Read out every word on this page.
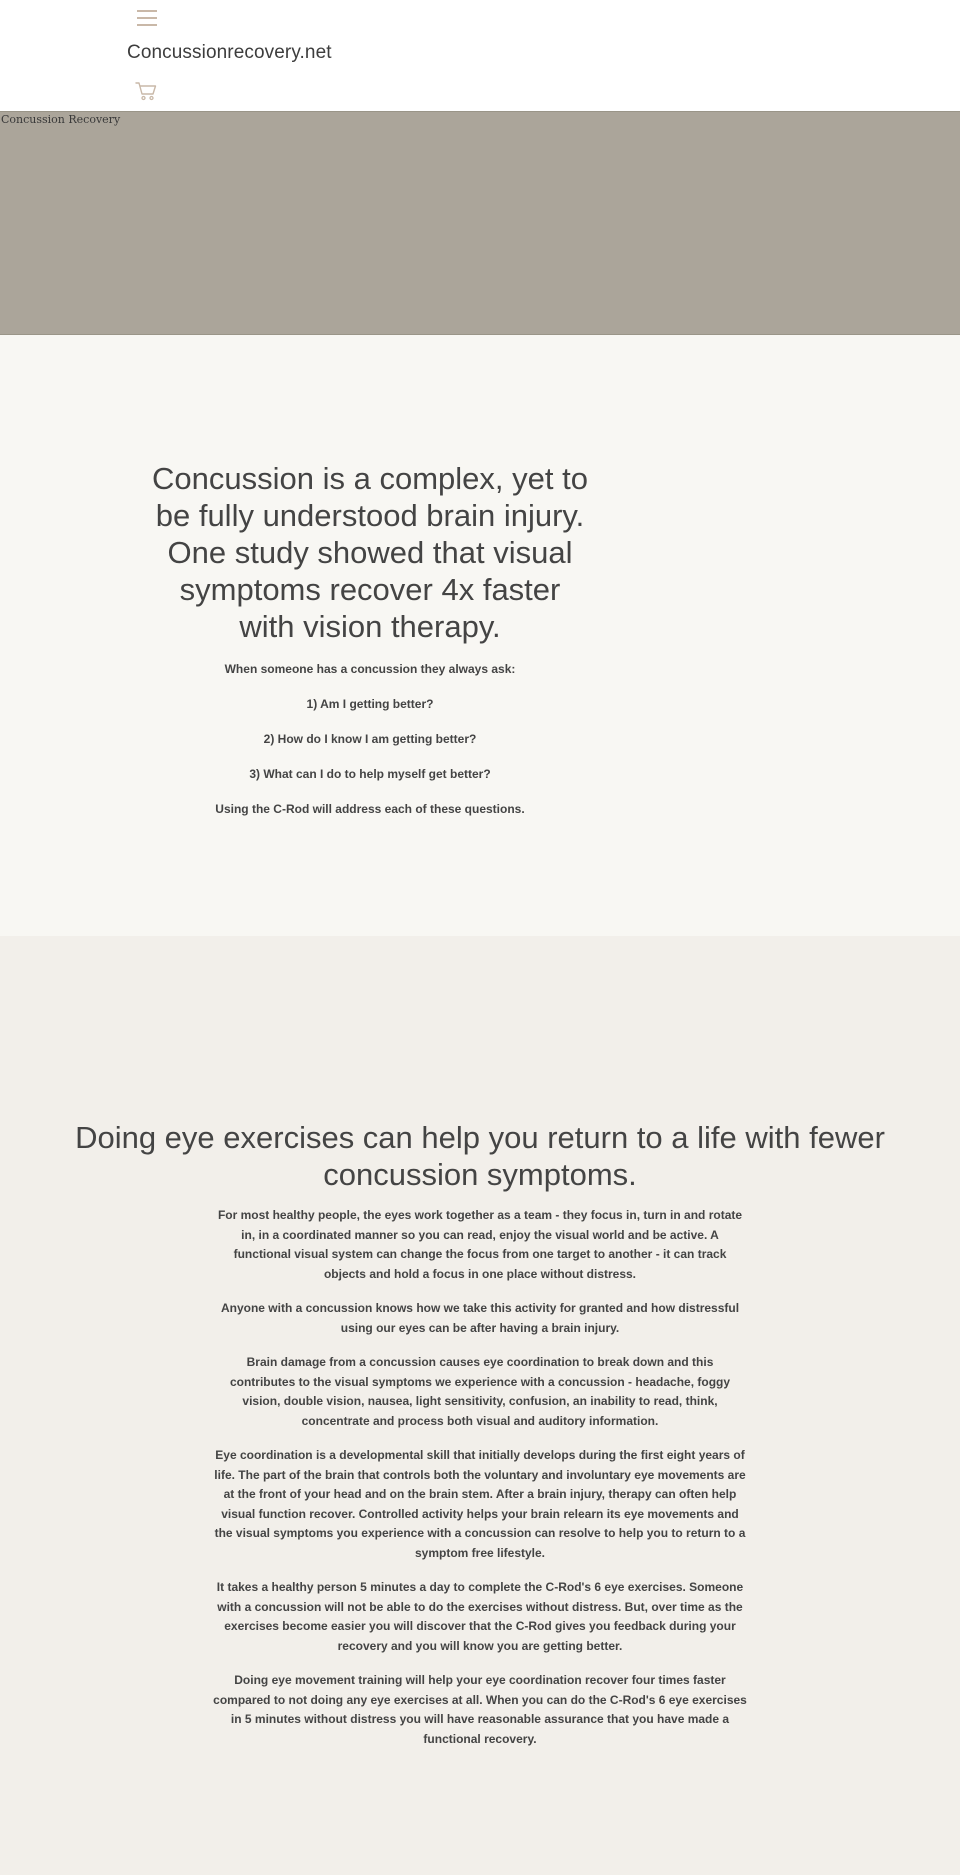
Concussionrecovery.net
Concussion Recovery
Concussion is a complex, yet to be fully understood brain injury. One study showed that visual symptoms recover 4x faster with vision therapy.

When someone has a concussion they always ask:

1) Am I getting better?

2) How do I know I am getting better?

3) What can I do to help myself get better?

Using the C-Rod will address each of these questions.

Doing eye exercises can help you return to a life with fewer concussion symptoms.

For most healthy people, the eyes work together as a team - they focus in, turn in and rotate in, in a coordinated manner so you can read, enjoy the visual world and be active. A functional visual system can change the focus from one target to another - it can track objects and hold a focus in one place without distress.

Anyone with a concussion knows how we take this activity for granted and how distressful using our eyes can be after having a brain injury.

Brain damage from a concussion causes eye coordination to break down and this contributes to the visual symptoms we experience with a concussion - headache, foggy vision, double vision, nausea, light sensitivity, confusion, an inability to read, think, concentrate and process both visual and auditory information.

Eye coordination is a developmental skill that initially develops during the first eight years of life. The part of the brain that controls both the voluntary and involuntary eye movements are at the front of your head and on the brain stem. After a brain injury, therapy can often help visual function recover. Controlled activity helps your brain relearn its eye movements and the visual symptoms you experience with a concussion can resolve to help you to return to a symptom free lifestyle.

It takes a healthy person 5 minutes a day to complete the C-Rod's 6 eye exercises. Someone with a concussion will not be able to do the exercises without distress. But, over time as the exercises become easier you will discover that the C-Rod gives you feedback during your recovery and you will know you are getting better.

Doing eye movement training will help your eye coordination recover four times faster compared to not doing any eye exercises at all. When you can do the C-Rod's 6 eye exercises in 5 minutes without distress you will have reasonable assurance that you have made a functional recovery.
